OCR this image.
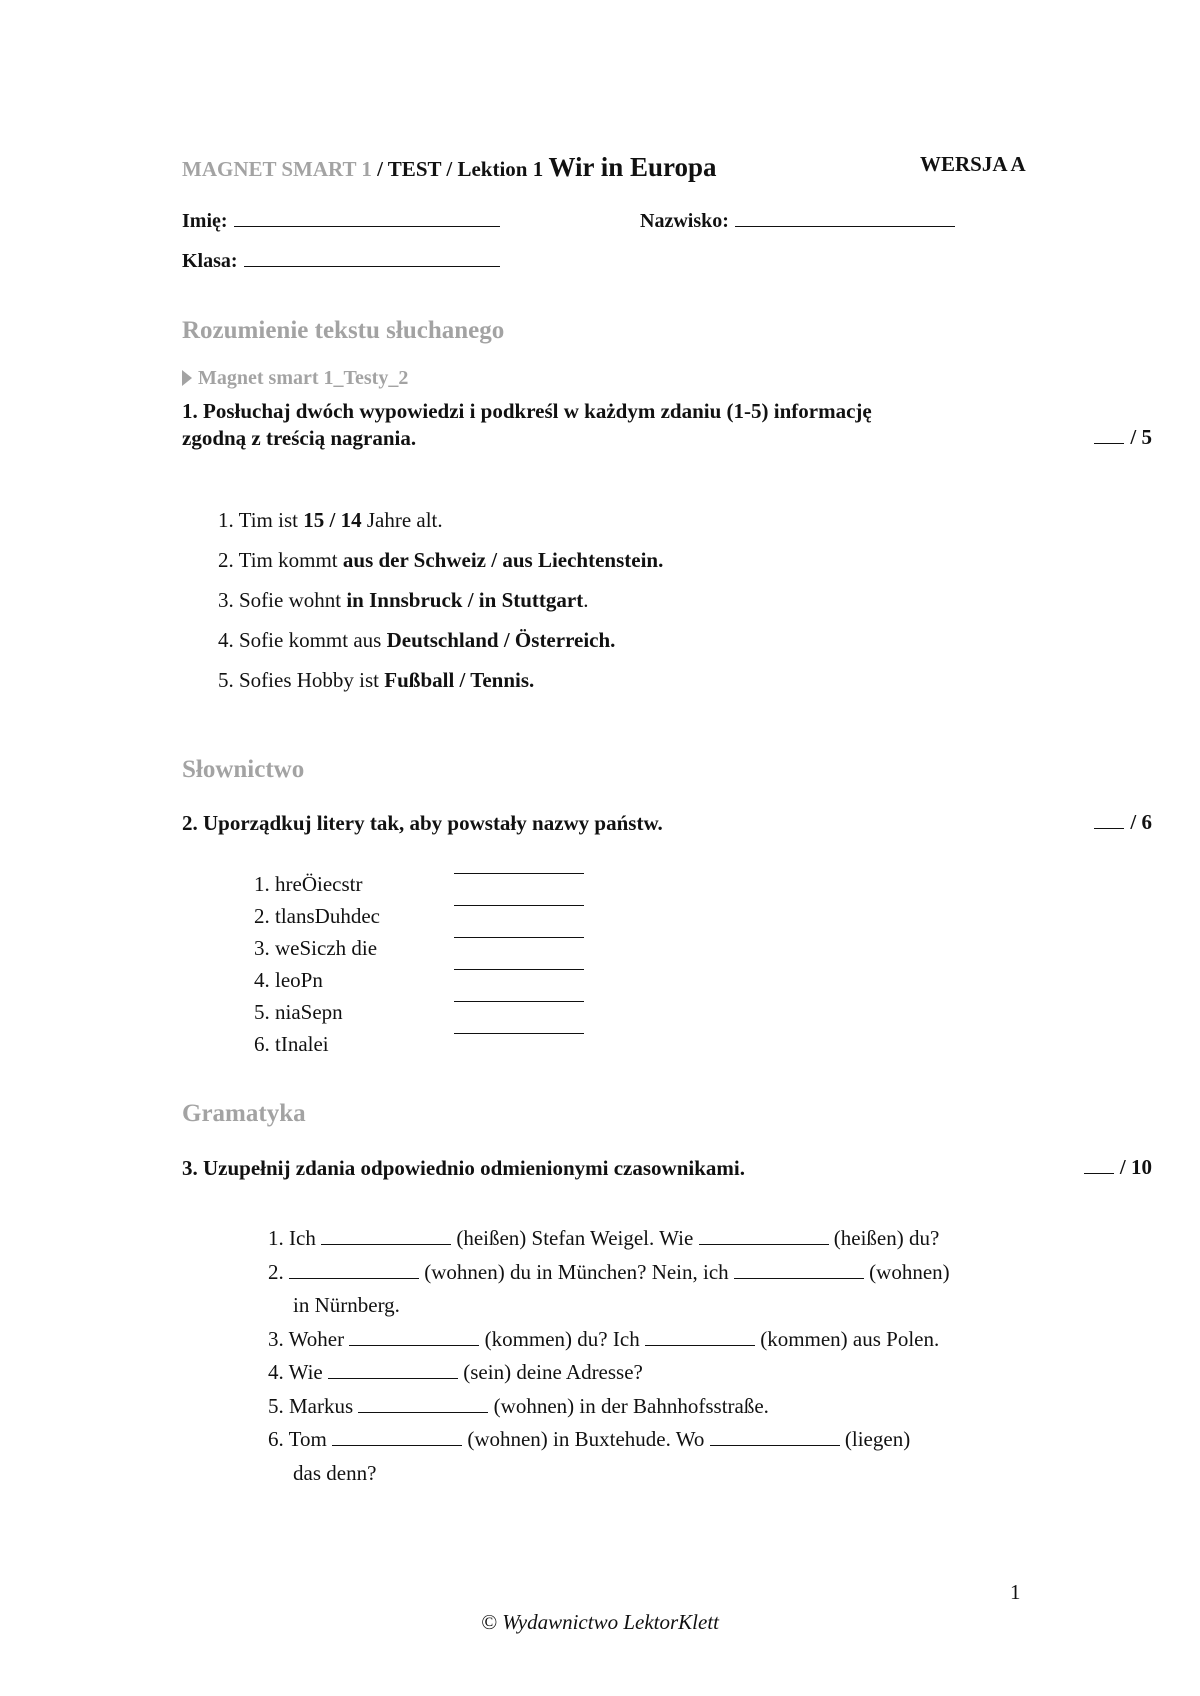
MAGNET SMART 1 / TEST / Lektion 1 Wir in Europa	WERSJA A
Imię:	Nazwisko:
Klasa:
Rozumienie tekstu słuchanego
Magnet smart 1_Testy_2
1. Posłuchaj dwóch wypowiedzi i podkreśl w każdym zdaniu (1-5) informację
zgodną z treścią nagrania.	/ 5
1. Tim ist 15 / 14 Jahre alt.
2. Tim kommt aus der Schweiz / aus Liechtenstein.
3. Sofie wohnt in Innsbruck / in Stuttgart.
4. Sofie kommt aus Deutschland / Österreich.
5. Sofies Hobby ist Fußball / Tennis.
Słownictwo
2. Uporządkuj litery tak, aby powstały nazwy państw.	/ 6
1. hreÖiecstr
2. tlansDuhdec
3. weSiczh die
4. leoPn
5. niaSepn
6. tInalei
Gramatyka
3. Uzupełnij zdania odpowiednio odmienionymi czasownikami.	/ 10
1. Ich	(heißen) Stefan Weigel. Wie	(heißen) du?
2.	(wohnen) du in München? Nein, ich	(wohnen)
in Nürnberg.
3. Woher	(kommen) du? Ich	(kommen) aus Polen.
4. Wie	(sein) deine Adresse?
5. Markus	(wohnen) in der Bahnhofsstraße.
6. Tom	(wohnen) in Buxtehude. Wo	(liegen)
das denn?
1
© Wydawnictwo LektorKlett
